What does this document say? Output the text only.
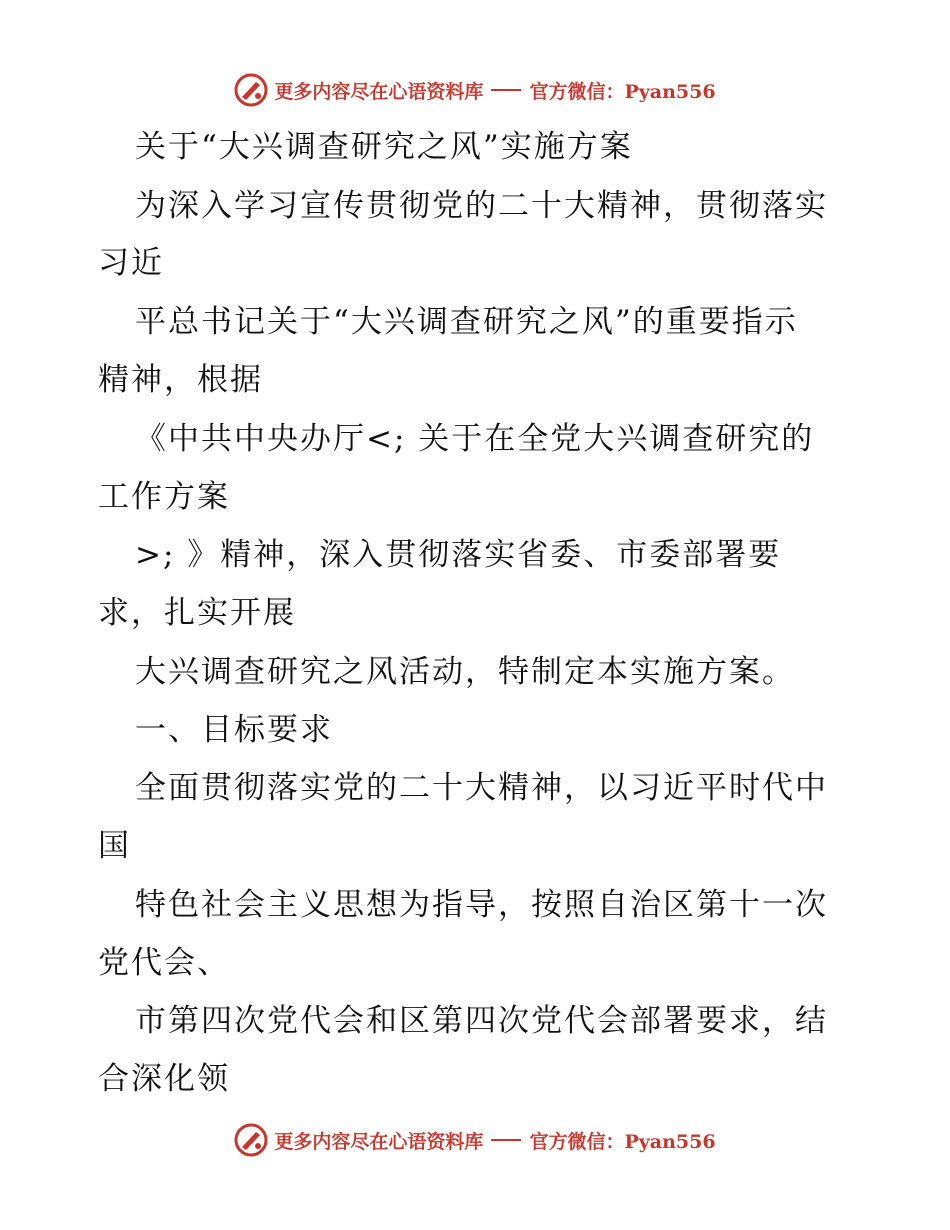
更多内容尽在心语资料库 官方微信：Pyan556
关于“大兴调查研究之风”实施方案
为深入学习宣传贯彻党的二十大精神，贯彻落实
习近
平总书记关于“大兴调查研究之风”的重要指示
精神，根据
《中共中央办厅<; 关于在全党大兴调查研究的
工作方案
>; 》精神，深入贯彻落实省委、市委部署要
求，扎实开展
大兴调查研究之风活动，特制定本实施方案。
一、目标要求
全面贯彻落实党的二十大精神，以习近平时代中
国
特色社会主义思想为指导，按照自治区第十一次
党代会、
市第四次党代会和区第四次党代会部署要求，结
合深化领
更多内容尽在心语资料库 官方微信：Pyan556
